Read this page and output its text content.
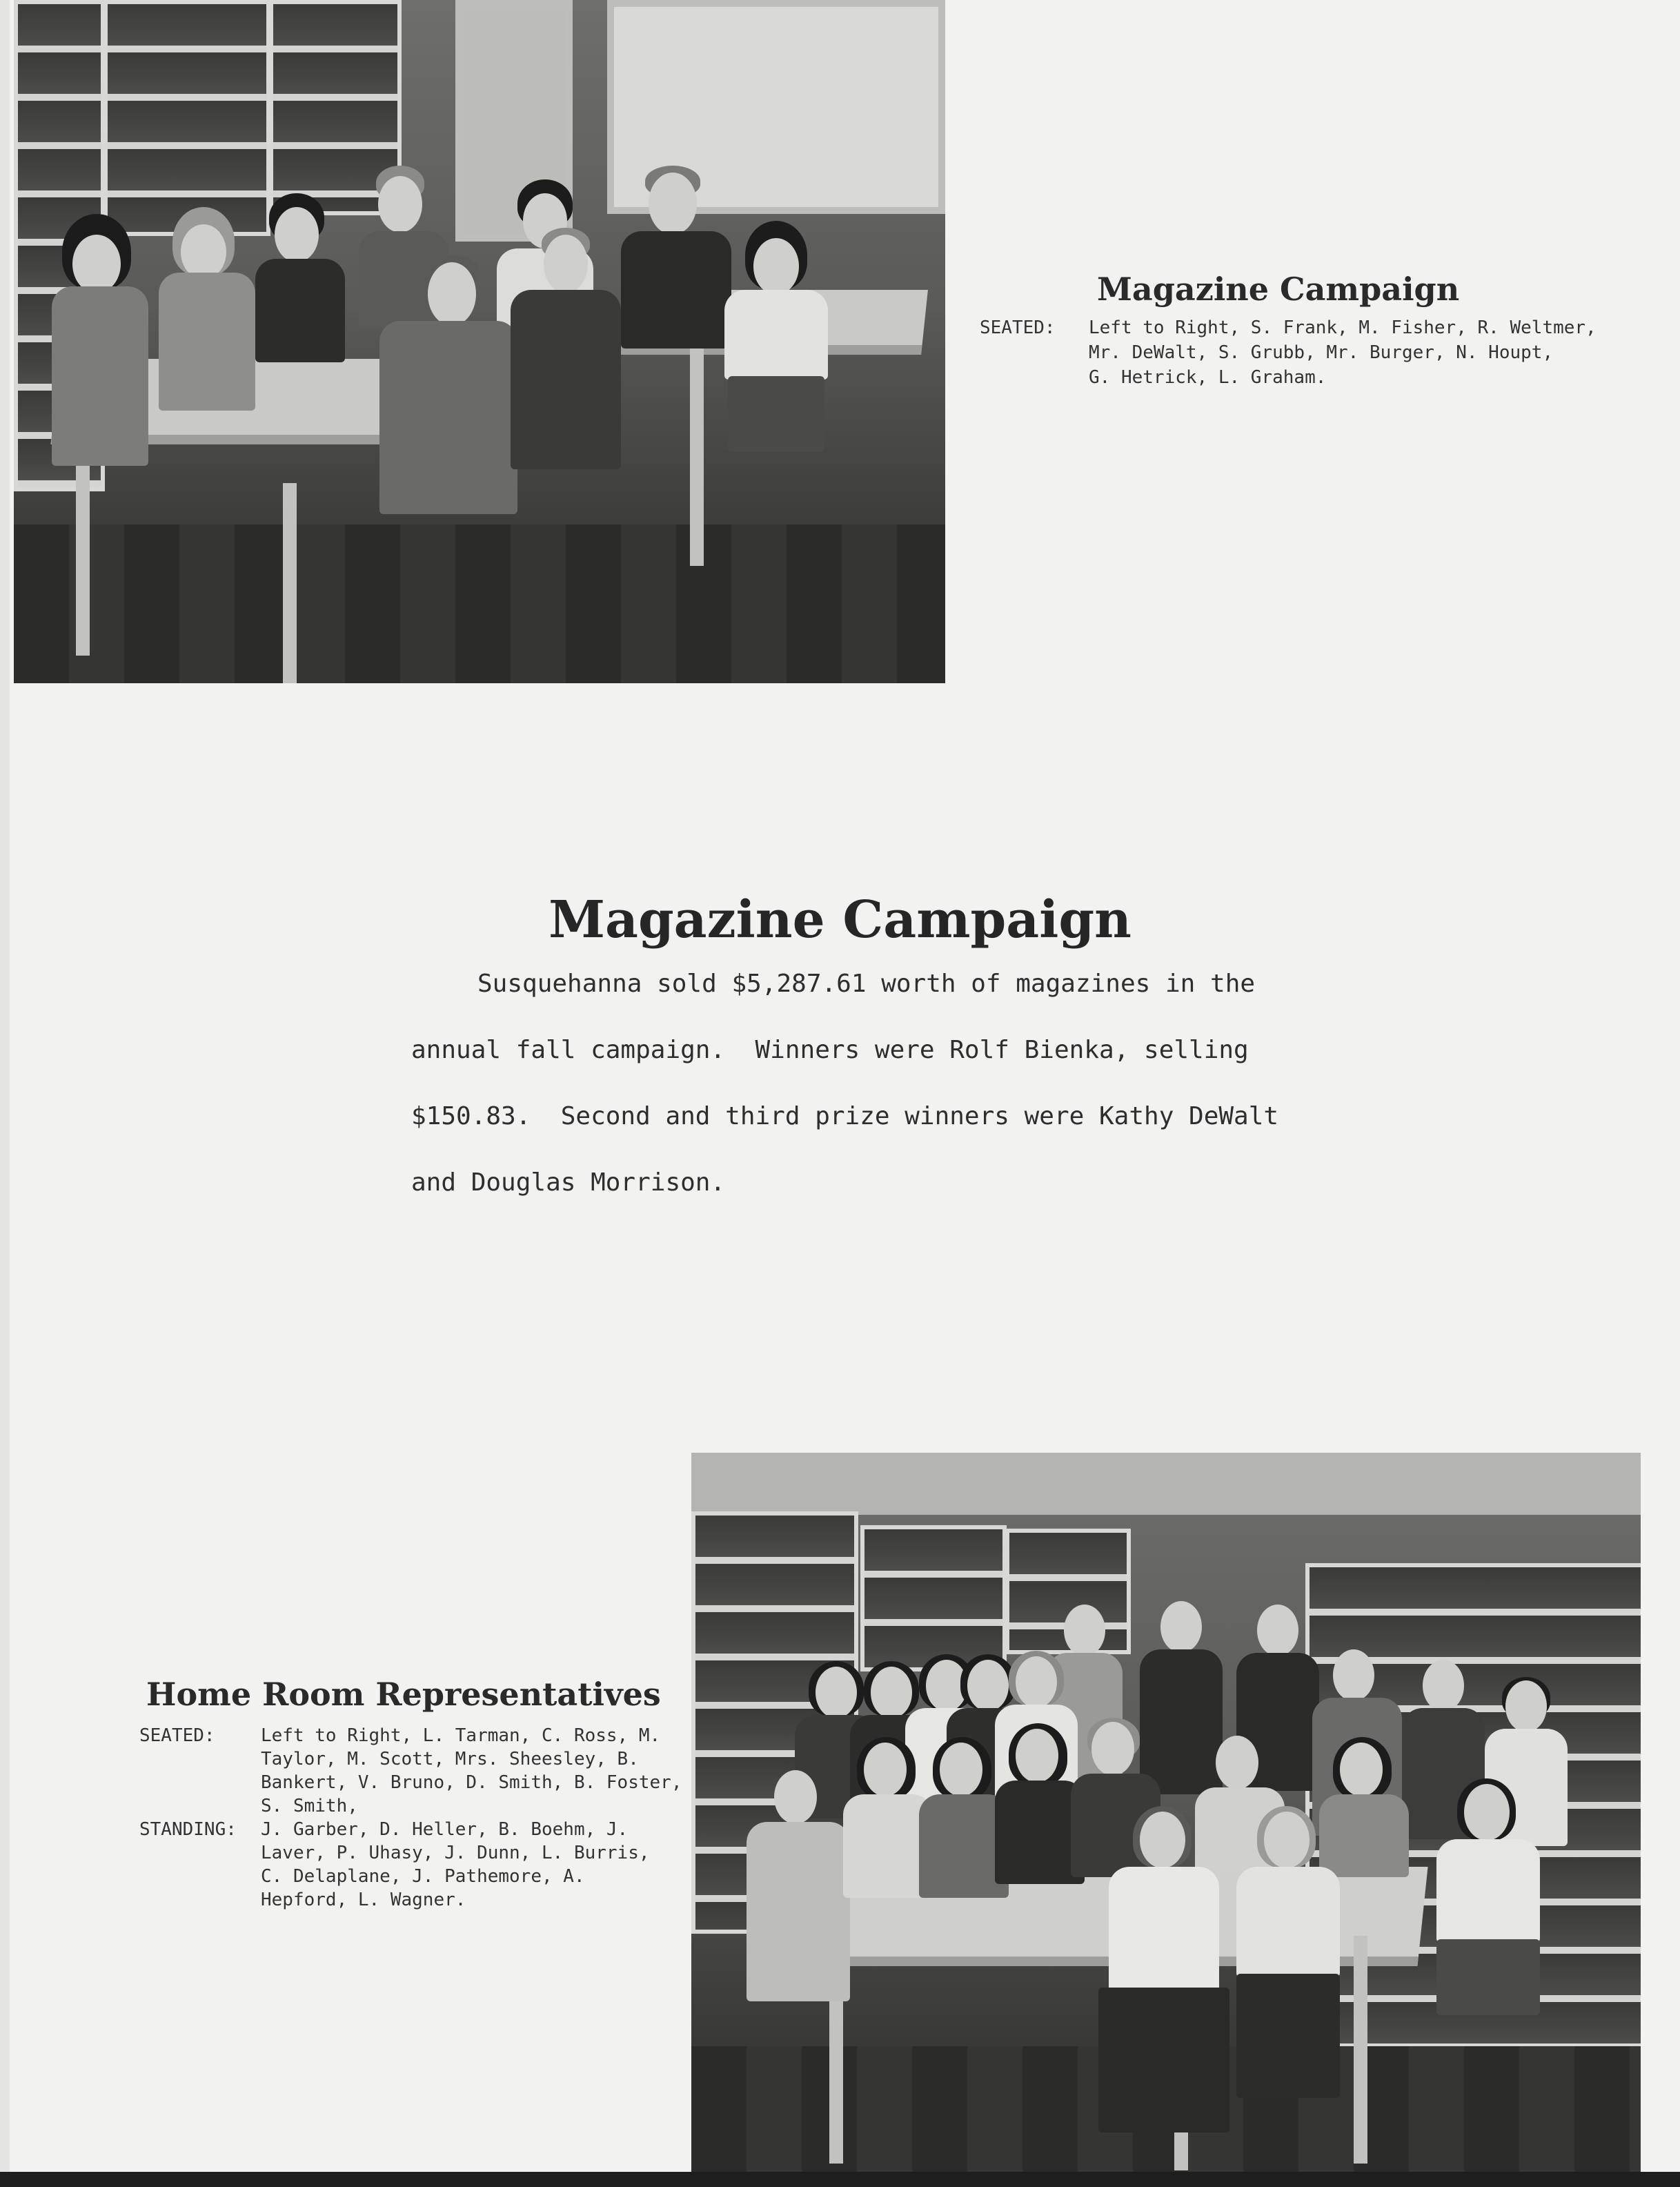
Magazine Campaign
SEATED: Left to Right, S. Frank, M. Fisher, R. Weltmer,
Mr. DeWalt, S. Grubb, Mr. Burger, N. Houpt,
G. Hetrick, L. Graham.
Magazine Campaign
Susquehanna sold $5,287.61 worth of magazines in the
annual fall campaign.  Winners were Rolf Bienka, selling
$150.83.  Second and third prize winners were Kathy DeWalt
and Douglas Morrison.
Home Room Representatives
SEATED:	Left to Right, L. Tarman, C. Ross, M.
Taylor, M. Scott, Mrs. Sheesley, B.
Bankert, V. Bruno, D. Smith, B. Foster,
S. Smith,
STANDING: J. Garber, D. Heller, B. Boehm, J.
Laver, P. Uhasy, J. Dunn, L. Burris,
C. Delaplane, J. Pathemore, A.
Hepford, L. Wagner.
